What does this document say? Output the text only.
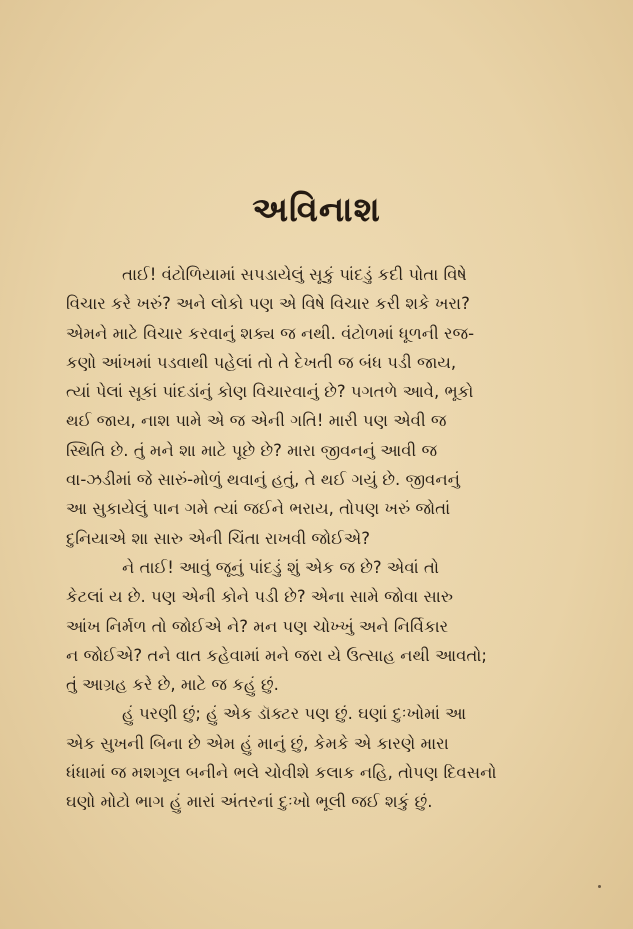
અવિનાશ
તાઈ! વંટોળિયામાં સપડાયેલું સૂકું પાંદડું કદી પોતા વિષે
વિચાર કરે ખરું? અને લોકો પણ એ વિષે વિચાર કરી શકે ખરા?
એમને માટે વિચાર કરવાનું શક્ય જ નથી. વંટોળમાં ધૂળની રજ-
કણો આંખમાં પડવાથી પહેલાં તો તે દેખતી જ બંધ પડી જાય,
ત્યાં પેલાં સૂકાં પાંદડાંનું કોણ વિચારવાનું છે? પગતળે આવે, ભૂકો
થઈ જાય, નાશ પામે એ જ એની ગતિ! મારી પણ એવી જ
સ્થિતિ છે. તું મને શા માટે પૂછે છે? મારા જીવનનું આવી જ
વા-ઝડીમાં જે સારું-મોળું થવાનું હતું, તે થઈ ગયું છે. જીવનનું
આ સુકાયેલું પાન ગમે ત્યાં જઈને ભરાય, તોપણ ખરું જોતાં
દુનિયાએ શા સારુ એની ચિંતા રાખવી જોઈએ?
ને તાઈ! આવું જૂનું પાંદડું શું એક જ છે? એવાં તો
કેટલાં ય છે. પણ એની કોને પડી છે? એના સામે જોવા સારુ
આંખ નિર્મળ તો જોઈએ ને? મન પણ ચોખ્ખું અને નિર્વિકાર
ન જોઈએ? તને વાત કહેવામાં મને જરા યે ઉત્સાહ નથી આવતો;
તું આગ્રહ કરે છે, માટે જ કહું છું.
હું પરણી છું; હું એક ડૉક્ટર પણ છું. ઘણાં દુઃખોમાં આ
એક સુખની બિના છે એમ હું માનું છું, કેમકે એ કારણે મારા
ધંધામાં જ મશગૂલ બનીને ભલે ચોવીશે કલાક નહિ, તોપણ દિવસનો
ઘણો મોટો ભાગ હું મારાં અંતરનાં દુઃખો ભૂલી જઈ શકું છું.
